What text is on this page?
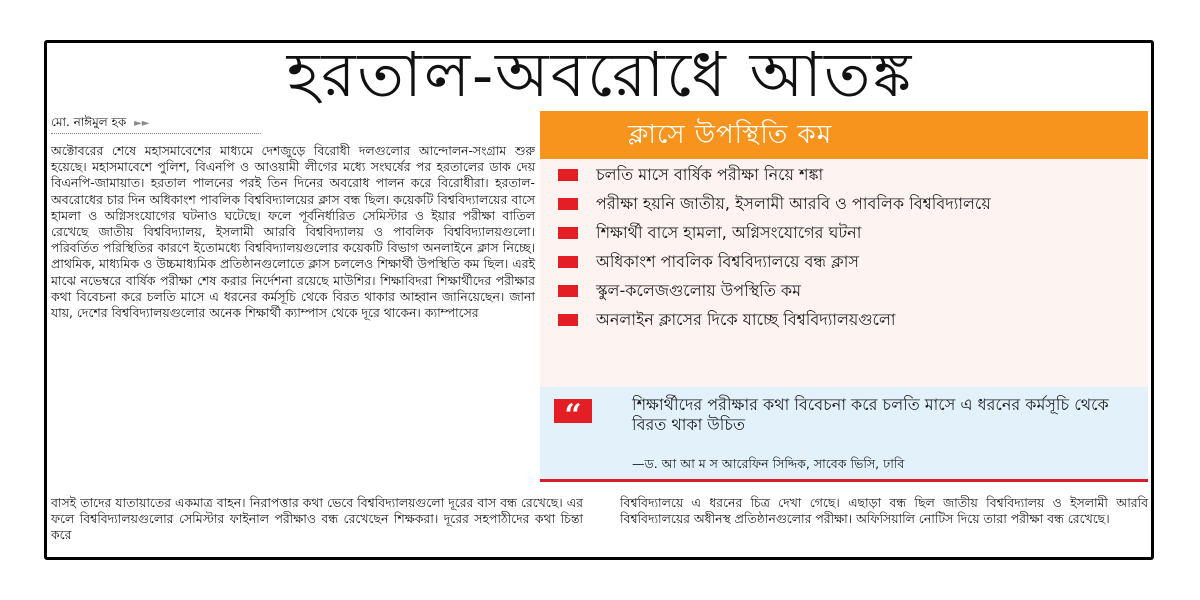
হরতাল-অবরোধে আতঙ্ক
মো. নাঈমুল হক ►►

অক্টোবরের শেষে মহাসমাবেশের মাধ্যমে দেশজুড়ে বিরোধী দলগুলোর আন্দোলন-সংগ্রাম শুরু হয়েছে। মহাসমাবেশে পুলিশ, বিএনপি ও আওয়ামী লীগের মধ্যে সংঘর্ষের পর হরতালের ডাক দেয় বিএনপি-জামায়াত। হরতাল পালনের পরই তিন দিনের অবরোধ পালন করে বিরোধীরা। হরতাল-অবরোধের চার দিন অধিকাংশ পাবলিক বিশ্ববিদ্যালয়ের ক্লাস বন্ধ ছিল। কয়েকটি বিশ্ববিদ্যালয়ের বাসে হামলা ও অগ্নিসংযোগের ঘটনাও ঘটেছে। ফলে পূর্বনির্ধারিত সেমিস্টার ও ইয়ার পরীক্ষা বাতিল রেখেছে জাতীয় বিশ্ববিদ্যালয়, ইসলামী আরবি বিশ্ববিদ্যালয় ও পাবলিক বিশ্ববিদ্যালয়গুলো। পরিবর্তিত পরিস্থিতির কারণে ইতোমধ্যে বিশ্ববিদ্যালয়গুলোর কয়েকটি বিভাগ অনলাইনে ক্লাস নিচ্ছে। প্রাথমিক, মাধ্যমিক ও উচ্চমাধ্যমিক প্রতিষ্ঠানগুলোতে ক্লাস চললেও শিক্ষার্থী উপস্থিতি কম ছিল। এরই মাঝে নভেম্বরে বার্ষিক পরীক্ষা শেষ করার নির্দেশনা রয়েছে মাউশির। শিক্ষাবিদরা শিক্ষার্থীদের পরীক্ষার কথা বিবেচনা করে চলতি মাসে এ ধরনের কর্মসূচি থেকে বিরত থাকার আহ্বান জানিয়েছেন। জানা যায়, দেশের বিশ্ববিদ্যালয়গুলোর অনেক শিক্ষার্থী ক্যাম্পাস থেকে দূরে থাকেন। ক্যাম্পাসের

বাসই তাদের যাতায়াতের একমাত্র বাহন। নিরাপত্তার কথা ভেবে বিশ্ববিদ্যালয়গুলো দূরের বাস বন্ধ রেখেছে। এর ফলে বিশ্ববিদ্যালয়গুলোর সেমিস্টার ফাইনাল পরীক্ষাও বন্ধ রেখেছেন শিক্ষকরা। দূরের সহপাঠীদের কথা চিন্তা করে

ক্লাসে উপস্থিতি কম
চলতি মাসে বার্ষিক পরীক্ষা নিয়ে শঙ্কা
পরীক্ষা হয়নি জাতীয়, ইসলামী আরবি ও পাবলিক বিশ্ববিদ্যালয়ে
শিক্ষার্থী বাসে হামলা, অগ্নিসংযোগের ঘটনা
অধিকাংশ পাবলিক বিশ্ববিদ্যালয়ে বন্ধ ক্লাস
স্কুল-কলেজগুলোয় উপস্থিতি কম
অনলাইন ক্লাসের দিকে যাচ্ছে বিশ্ববিদ্যালয়গুলো
“	শিক্ষার্থীদের পরীক্ষার কথা বিবেচনা করে চলতি মাসে এ ধরনের কর্মসূচি থেকে বিরত থাকা উচিত
—ড. আ আ ম স আরেফিন সিদ্দিক, সাবেক ভিসি, ঢাবি

বিশ্ববিদ্যালয়ে এ ধরনের চিত্র দেখা গেছে। এছাড়া বন্ধ ছিল জাতীয় বিশ্ববিদ্যালয় ও ইসলামী আরবি বিশ্ববিদ্যালয়ের অধীনস্থ প্রতিষ্ঠানগুলোর পরীক্ষা। অফিসিয়ালি নোটিস দিয়ে তারা পরীক্ষা বন্ধ রেখেছে।
